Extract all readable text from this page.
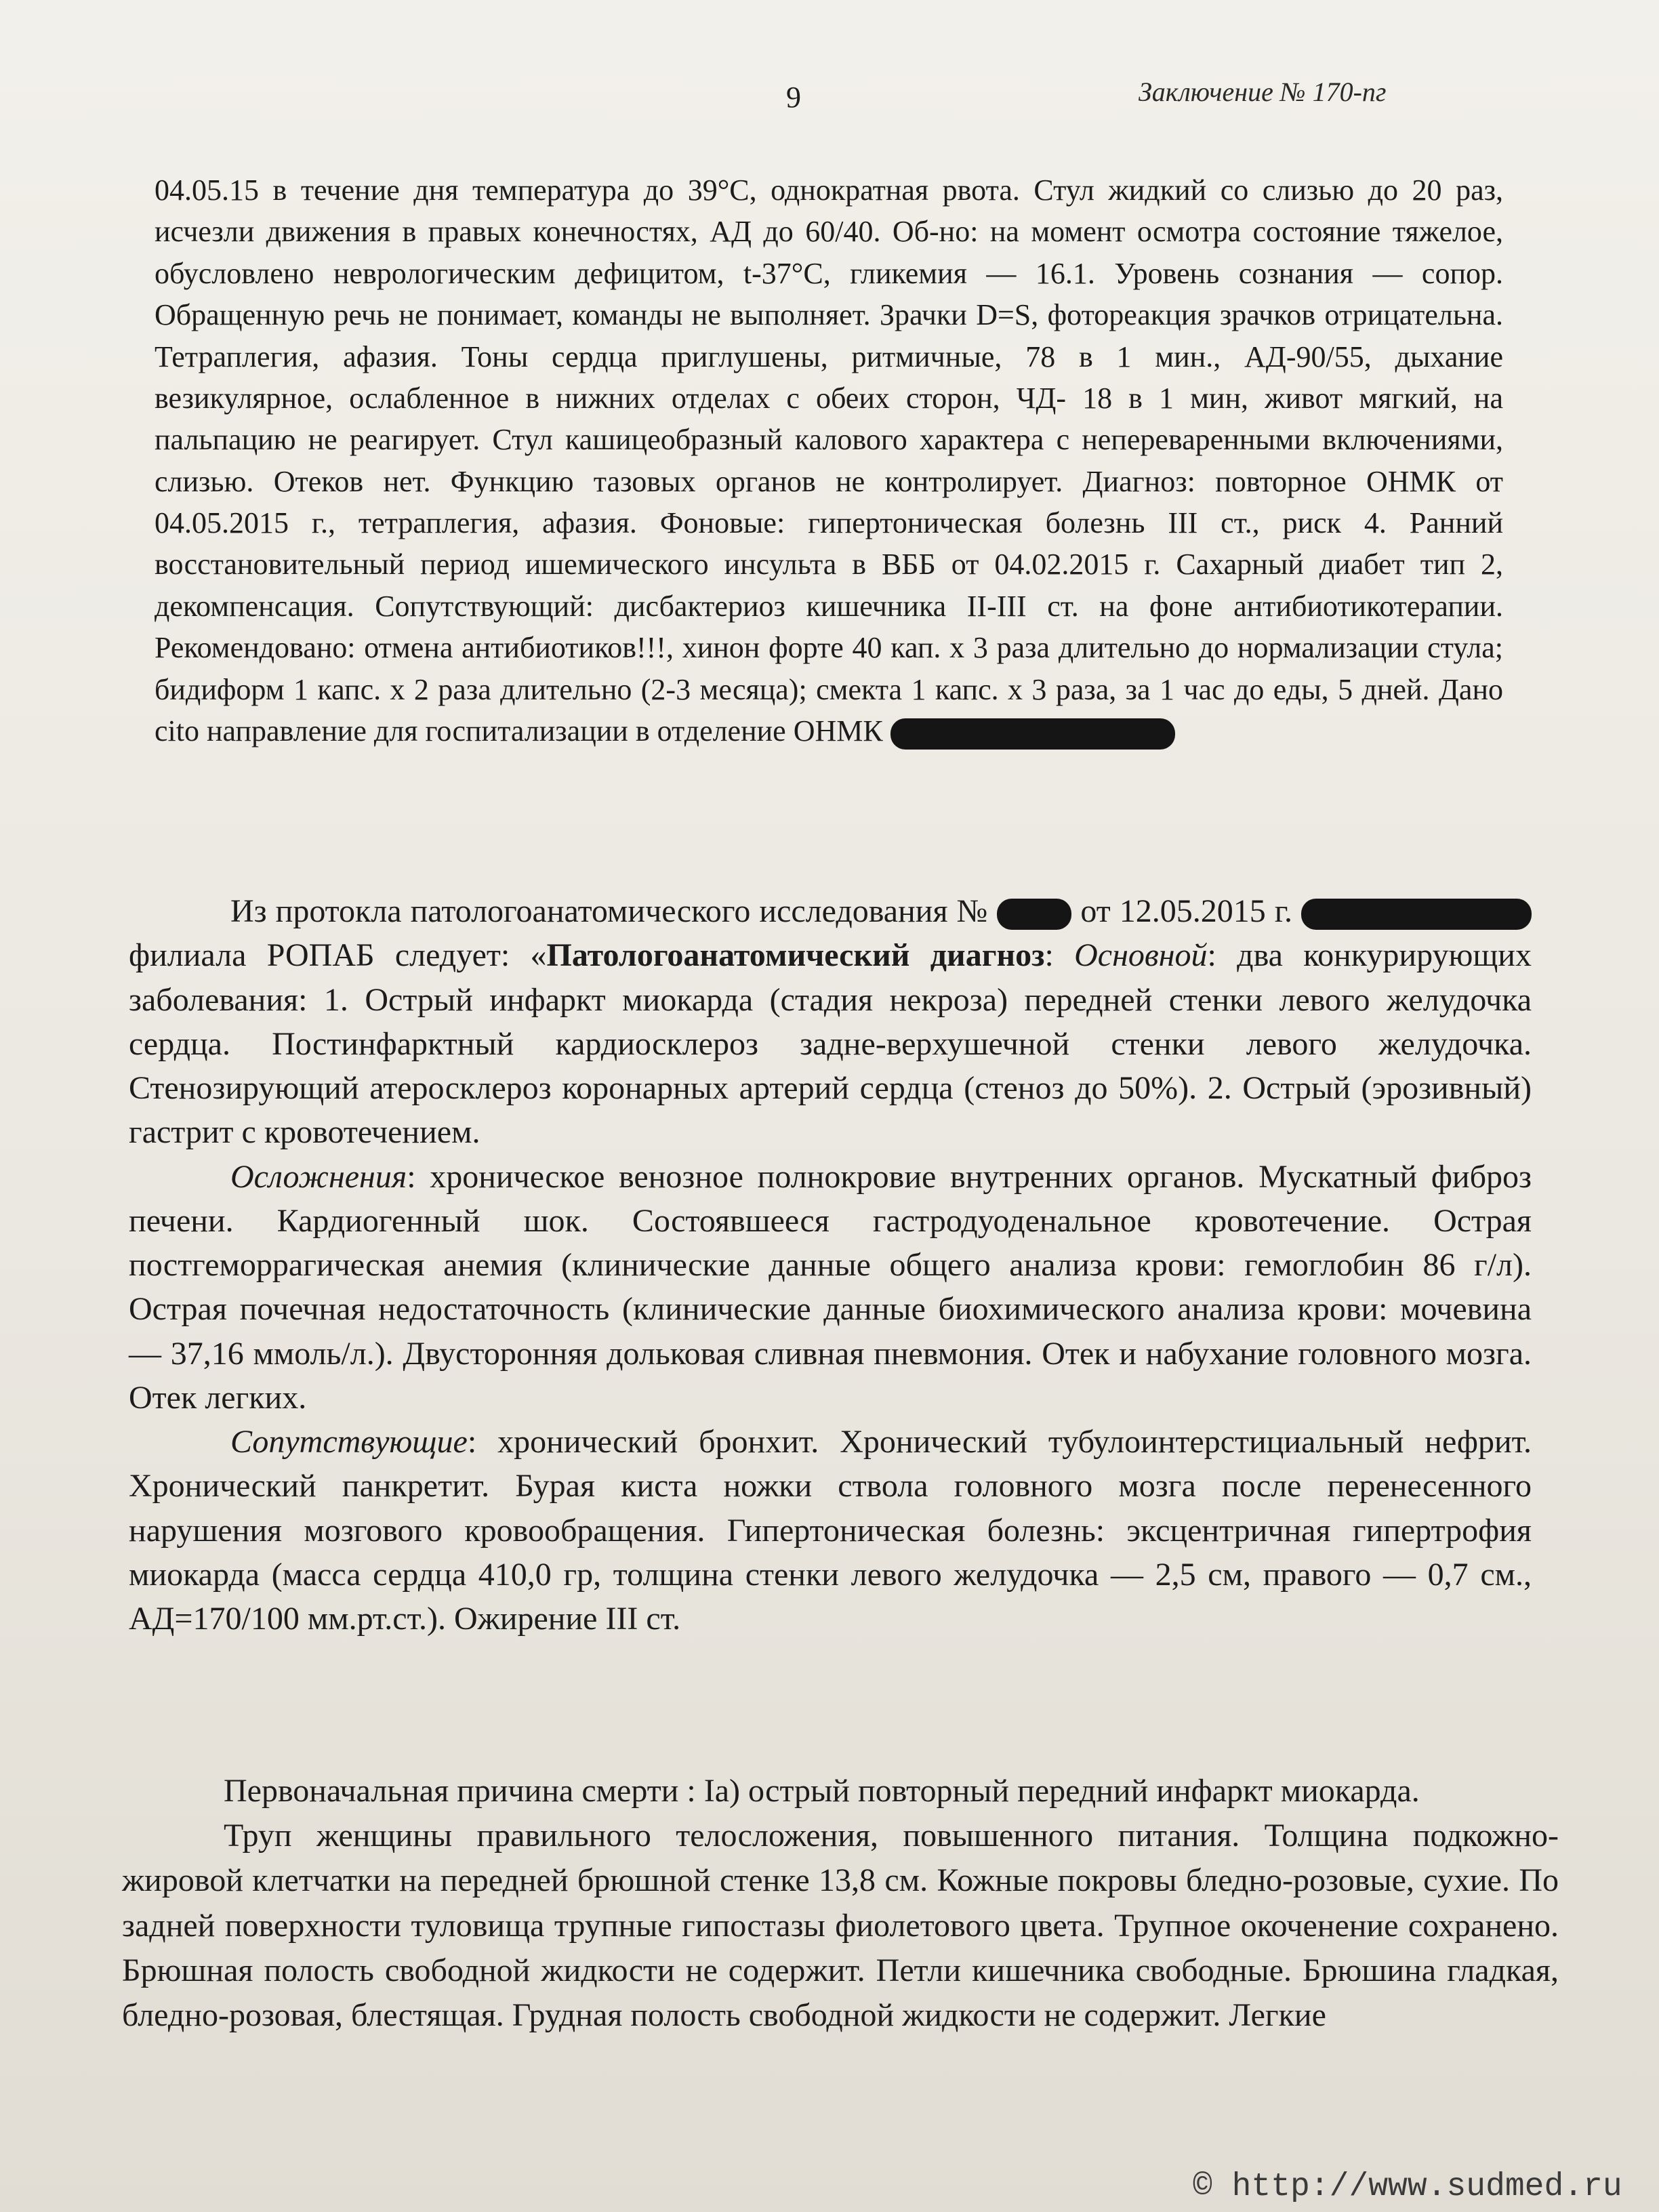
9	Заключение № 170-пг
04.05.15 в течение дня температура до 39°С, однократная рвота. Стул жидкий со слизью до 20 раз, исчезли движения в правых конечностях, АД до 60/40. Об-но: на момент осмотра состояние тяжелое, обусловлено неврологическим дефицитом, t-37°С, гликемия — 16.1. Уровень сознания — сопор. Обращенную речь не понимает, команды не выполняет. Зрачки D=S, фотореакция зрачков отрицательна. Тетраплегия, афазия. Тоны сердца приглушены, ритмичные, 78 в 1 мин., АД-90/55, дыхание везикулярное, ослабленное в нижних отделах с обеих сторон, ЧД- 18 в 1 мин, живот мягкий, на пальпацию не реагирует. Стул кашицеобразный калового характера с непереваренными включениями, слизью. Отеков нет. Функцию тазовых органов не контролирует. Диагноз: повторное ОНМК от 04.05.2015 г., тетраплегия, афазия. Фоновые: гипертоническая болезнь III ст., риск 4. Ранний восстановительный период ишемического инсульта в ВББ от 04.02.2015 г. Сахарный диабет тип 2, декомпенсация. Сопутствующий: дисбактериоз кишечника II-III ст. на фоне антибиотикотерапии. Рекомендовано: отмена антибиотиков!!!, хинон форте 40 кап. х 3 раза длительно до нормализации стула; бидиформ 1 капс. х 2 раза длительно (2-3 месяца); смекта 1 капс. х 3 раза, за 1 час до еды, 5 дней. Дано cito направление для госпитализации в отделение ОНМК

Из протокла патологоанатомического исследования №	от 12.05.2015 г.  филиала РОПАБ следует: «Патологоанатомический диагноз: Основной: два конкурирующих заболевания: 1. Острый инфаркт миокарда (стадия некроза) передней стенки левого желудочка сердца. Постинфарктный кардиосклероз задне-верхушечной стенки левого желудочка. Стенозирующий атеросклероз коронарных артерий сердца (стеноз до 50%). 2. Острый (эрозивный) гастрит с кровотечением.

Осложнения: хроническое венозное полнокровие внутренних органов. Мускатный фиброз печени. Кардиогенный шок. Состоявшееся гастродуоденальное кровотечение. Острая постгеморрагическая анемия (клинические данные общего анализа крови: гемоглобин 86 г/л). Острая почечная недостаточность (клинические данные биохимического анализа крови: мочевина — 37,16 ммоль/л.). Двусторонняя дольковая сливная пневмония. Отек и набухание головного мозга. Отек легких.

Сопутствующие: хронический бронхит. Хронический тубулоинтерстициальный нефрит. Хронический панкретит. Бурая киста ножки ствола головного мозга после перенесенного нарушения мозгового кровообращения. Гипертоническая болезнь: эксцентричная гипертрофия миокарда (масса сердца 410,0 гр, толщина стенки левого желудочка — 2,5 см, правого — 0,7 см., АД=170/100 мм.рт.ст.). Ожирение III ст.

Первоначальная причина смерти : Ia) острый повторный передний инфаркт миокарда.

Труп женщины правильного телосложения, повышенного питания. Толщина подкожно-жировой клетчатки на передней брюшной стенке 13,8 см. Кожные покровы бледно-розовые, сухие. По задней поверхности туловища трупные гипостазы фиолетового цвета. Трупное окоченение сохранено. Брюшная полость свободной жидкости не содержит. Петли кишечника свободные. Брюшина гладкая, бледно-розовая, блестящая. Грудная полость свободной жидкости не содержит. Легкие

© http://www.sudmed.ru
